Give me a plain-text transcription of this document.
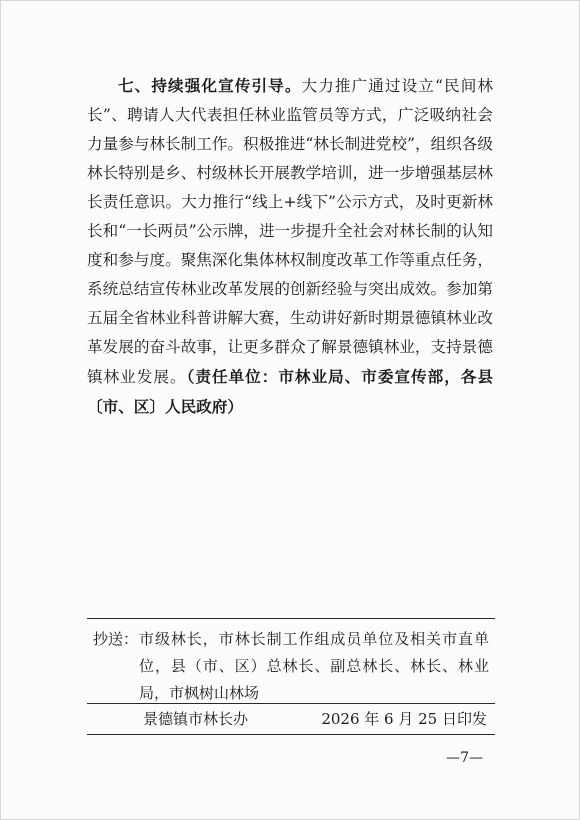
七、持续强化宣传引导。大力推广通过设立“民间林长”、聘请人大代表担任林业监管员等方式，广泛吸纳社会力量参与林长制工作。积极推进“林长制进党校”，组织各级林长特别是乡、村级林长开展教学培训，进一步增强基层林长责任意识。大力推行“线上+线下”公示方式，及时更新林长和“一长两员”公示牌，进一步提升全社会对林长制的认知度和参与度。聚焦深化集体林权制度改革工作等重点任务，系统总结宣传林业改革发展的创新经验与突出成效。参加第五届全省林业科普讲解大赛，生动讲好新时期景德镇林业改革发展的奋斗故事，让更多群众了解景德镇林业，支持景德镇林业发展。（责任单位：市林业局、市委宣传部，各县〔市、区〕人民政府）

抄送： 市级林长，市林长制工作组成员单位及相关市直单位，县（市、区）总林长、副总林长、林长、林业局，市枫树山林场
景德镇市林长办	2026 年 6 月 25 日印发
—7—
